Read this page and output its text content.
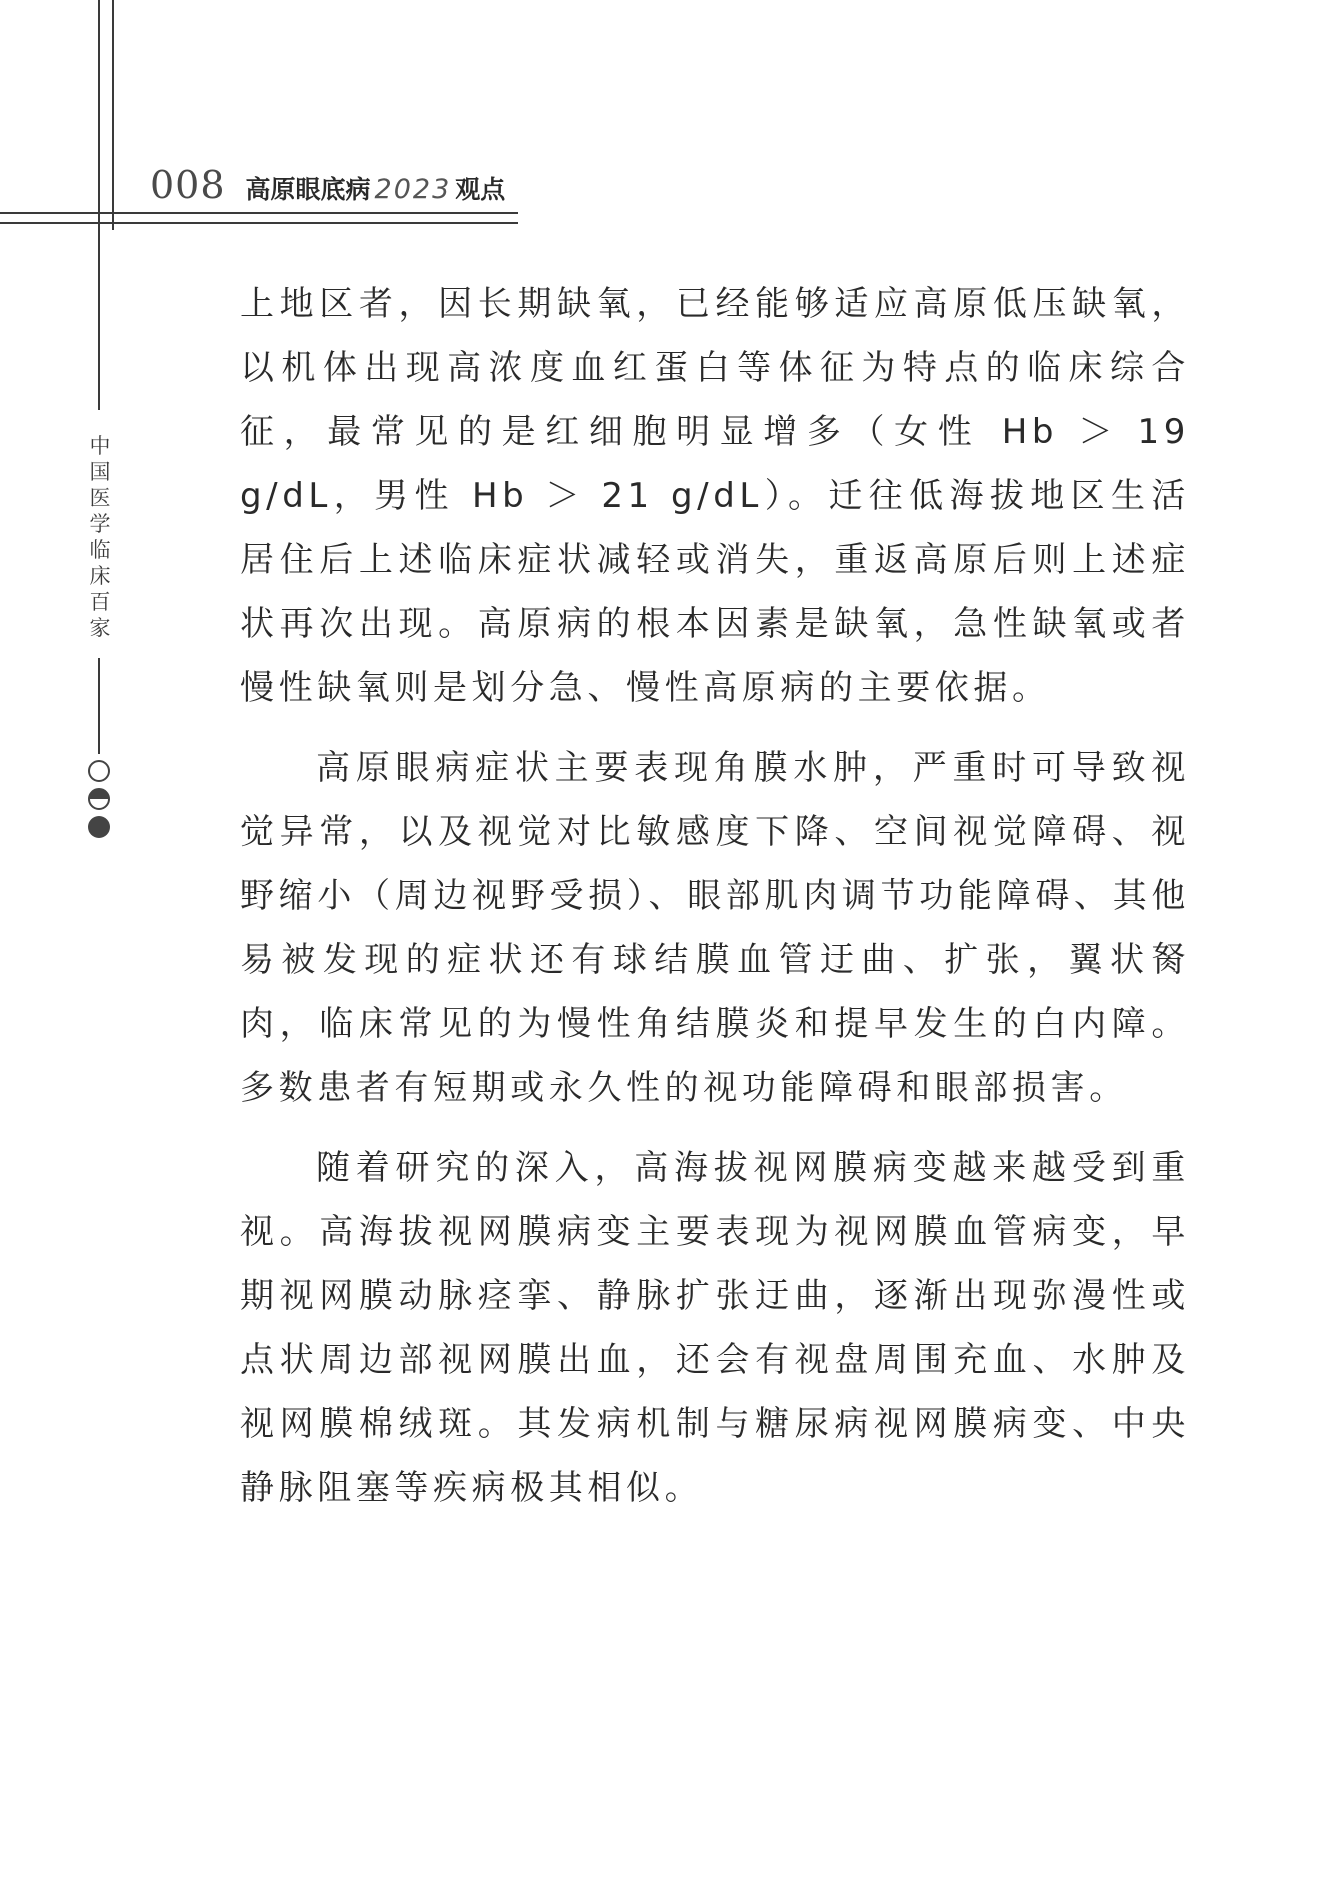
008 高原眼底病 2023 观点
中国医学临床百家

上地区者，因长期缺氧，已经能够适应高原低压缺氧，以机体出现高浓度血红蛋白等体征为特点的临床综合征，最常见的是红细胞明显增多（女性 Hb ＞ 19 g/dL，男性 Hb ＞ 21 g/dL）。迁往低海拔地区生活居住后上述临床症状减轻或消失，重返高原后则上述症状再次出现。高原病的根本因素是缺氧，急性缺氧或者慢性缺氧则是划分急、慢性高原病的主要依据。

高原眼病症状主要表现角膜水肿，严重时可导致视觉异常，以及视觉对比敏感度下降、空间视觉障碍、视野缩小（周边视野受损）、眼部肌肉调节功能障碍、其他易被发现的症状还有球结膜血管迂曲、扩张，翼状胬肉，临床常见的为慢性角结膜炎和提早发生的白内障。多数患者有短期或永久性的视功能障碍和眼部损害。

随着研究的深入，高海拔视网膜病变越来越受到重视。高海拔视网膜病变主要表现为视网膜血管病变，早期视网膜动脉痉挛、静脉扩张迂曲，逐渐出现弥漫性或点状周边部视网膜出血，还会有视盘周围充血、水肿及视网膜棉绒斑。其发病机制与糖尿病视网膜病变、中央静脉阻塞等疾病极其相似。
